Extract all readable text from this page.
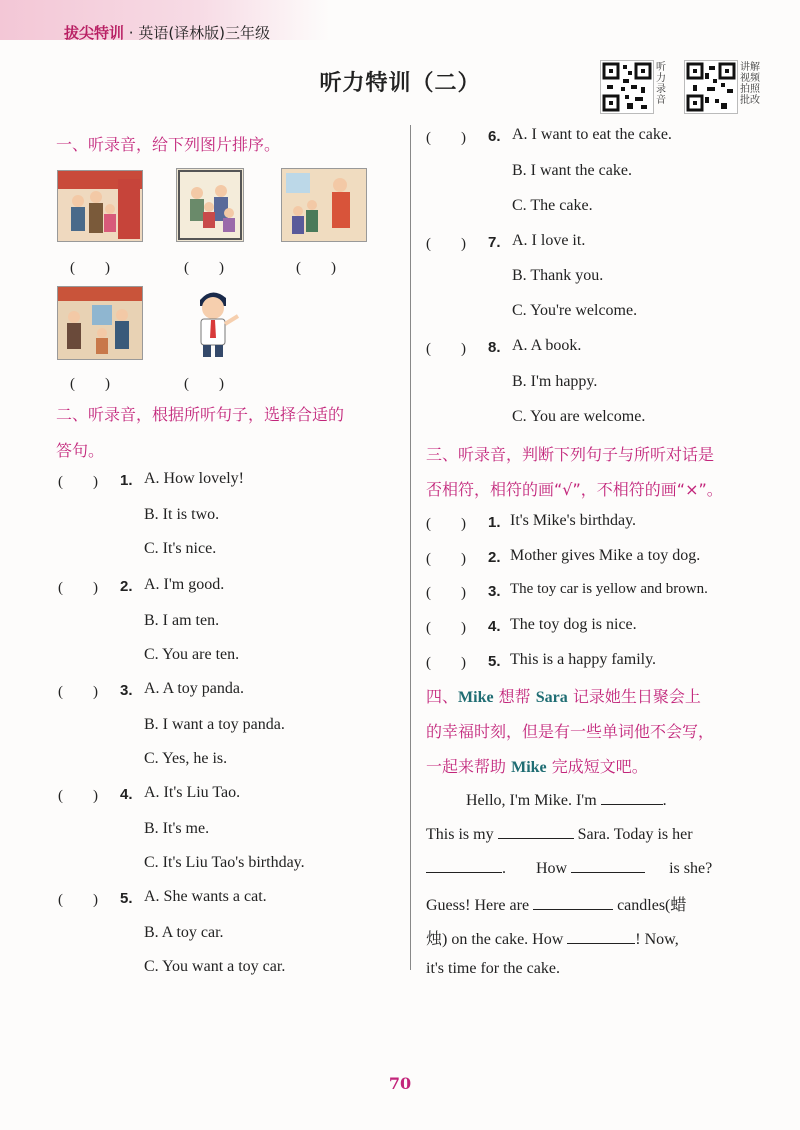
拔尖特训 · 英语(译林版)三年级
听力特训（二）
听力录音
讲解视频拍照批改
一、听录音，给下列图片排序。
(　　)	(　　)	(　　)
(　　)	(　　)
二、听录音，根据所听句子，选择合适的
答句。
(　　) 1. A. How lovely!
B. It is two.
C. It's nice.
(　　) 2. A. I'm good.
B. I am ten.
C. You are ten.
(　　) 3. A. A toy panda.
B. I want a toy panda.
C. Yes, he is.
(　　) 4. A. It's Liu Tao.
B. It's me.
C. It's Liu Tao's birthday.
(　　) 5. A. She wants a cat.
B. A toy car.
C. You want a toy car.
(　　) 6. A. I want to eat the cake.
B. I want the cake.
C. The cake.
(　　) 7. A. I love it.
B. Thank you.
C. You're welcome.
(　　) 8. A. A book.
B. I'm happy.
C. You are welcome.
三、听录音，判断下列句子与所听对话是
否相符，相符的画“√”，不相符的画“×”。
(　　) 1. It's Mike's birthday.
(　　) 2. Mother gives Mike a toy dog.
(　　) 3. The toy car is yellow and brown.
(　　) 4. The toy dog is nice.
(　　) 5. This is a happy family.
四、Mike 想帮 Sara 记录她生日聚会上
的幸福时刻，但是有一些单词他不会写，
一起来帮助 Mike 完成短文吧。
Hello, I'm Mike. I'm	.
This is my	Sara. Today is her
. How	is she?
Guess! Here are	candles(蜡
烛) on the cake. How	! Now,
it's time for the cake.
70
